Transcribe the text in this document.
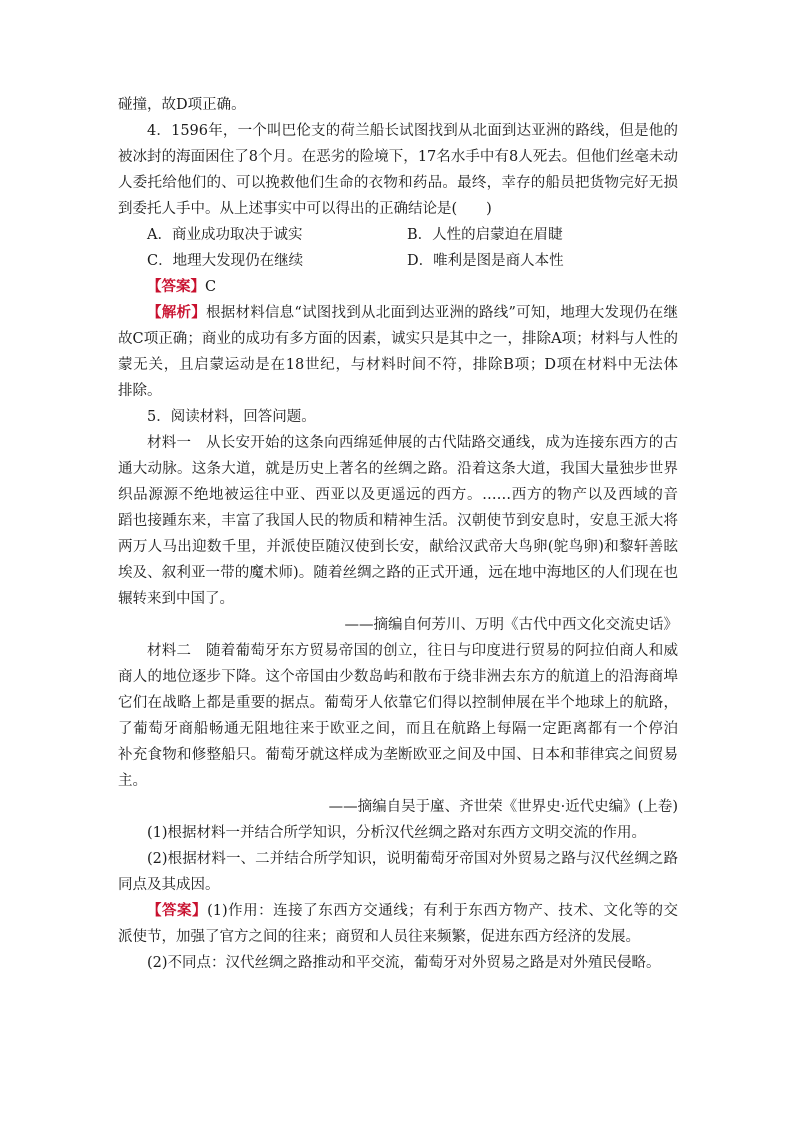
碰撞，故D项正确。
4．1596年，一个叫巴伦支的荷兰船长试图找到从北面到达亚洲的路线，但是他的
被冰封的海面困住了8个月。在恶劣的险境下，17名水手中有8人死去。但他们丝毫未动
人委托给他们的、可以挽救他们生命的衣物和药品。最终，幸存的船员把货物完好无损
到委托人手中。从上述事实中可以得出的正确结论是(　　)
A．商业成功取决于诚实	B．人性的启蒙迫在眉睫
C．地理大发现仍在继续	D．唯利是图是商人本性
【答案】C
【解析】根据材料信息“试图找到从北面到达亚洲的路线”可知，地理大发现仍在继
故C项正确；商业的成功有多方面的因素，诚实只是其中之一，排除A项；材料与人性的
蒙无关，且启蒙运动是在18世纪，与材料时间不符，排除B项；D项在材料中无法体
排除。
5．阅读材料，回答问题。
材料一　从长安开始的这条向西绵延伸展的古代陆路交通线，成为连接东西方的古
通大动脉。这条大道，就是历史上著名的丝绸之路。沿着这条大道，我国大量独步世界
织品源源不绝地被运往中亚、西亚以及更遥远的西方。……西方的物产以及西域的音
蹈也接踵东来，丰富了我国人民的物质和精神生活。汉朝使节到安息时，安息王派大将
两万人马出迎数千里，并派使臣随汉使到长安，献给汉武帝大鸟卵(鸵鸟卵)和黎轩善眩
埃及、叙利亚一带的魔术师)。随着丝绸之路的正式开通，远在地中海地区的人们现在也
辗转来到中国了。
——摘编自何芳川、万明《古代中西文化交流史话》
材料二　随着葡萄牙东方贸易帝国的创立，往日与印度进行贸易的阿拉伯商人和威
商人的地位逐步下降。这个帝国由少数岛屿和散布于绕非洲去东方的航道上的沿海商埠
它们在战略上都是重要的据点。葡萄牙人依靠它们得以控制伸展在半个地球上的航路，
了葡萄牙商船畅通无阻地往来于欧亚之间，而且在航路上每隔一定距离都有一个停泊
补充食物和修整船只。葡萄牙就这样成为垄断欧亚之间及中国、日本和菲律宾之间贸易
主。
——摘编自吴于廑、齐世荣《世界史·近代史编》(上卷)
(1)根据材料一并结合所学知识，分析汉代丝绸之路对东西方文明交流的作用。
(2)根据材料一、二并结合所学知识，说明葡萄牙帝国对外贸易之路与汉代丝绸之路
同点及其成因。
【答案】(1)作用：连接了东西方交通线；有利于东西方物产、技术、文化等的交
派使节，加强了官方之间的往来；商贸和人员往来频繁，促进东西方经济的发展。
(2)不同点：汉代丝绸之路推动和平交流，葡萄牙对外贸易之路是对外殖民侵略。
